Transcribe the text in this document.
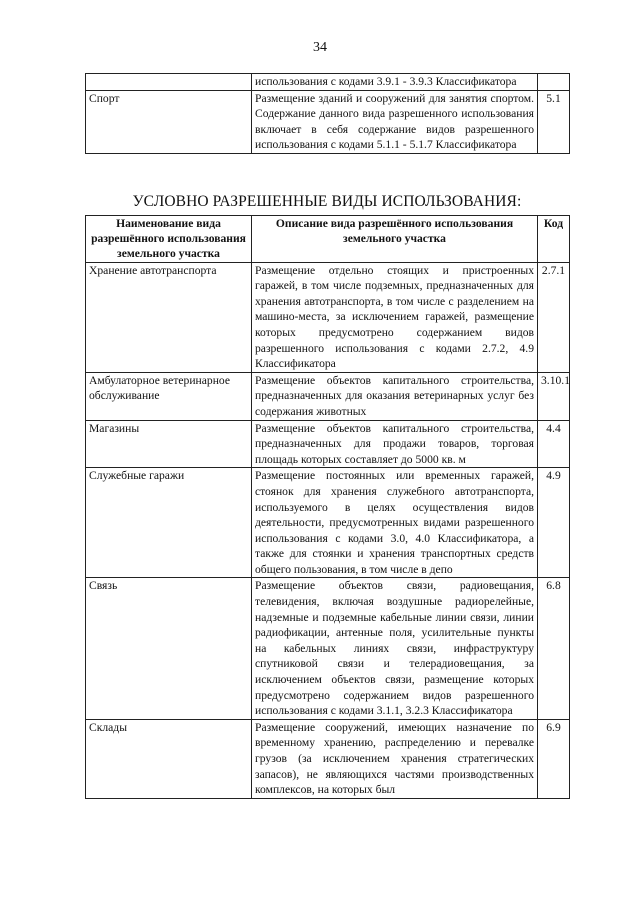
34
	использования с кодами 3.9.1 - 3.9.3 Классификатора	
Спорт	Размещение зданий и сооружений для занятия спортом. Содержание данного вида разрешенного использования включает в себя содержание видов разрешенного использования с кодами 5.1.1 - 5.1.7 Классификатора	5.1
УСЛОВНО РАЗРЕШЕННЫЕ ВИДЫ ИСПОЛЬЗОВАНИЯ:
Наименование вида разрешённого использования земельного участка	Описание вида разрешённого использования земельного участка	Код
Хранение автотранспорта	Размещение отдельно стоящих и пристроенных гаражей, в том числе подземных, предназначенных для хранения автотранспорта, в том числе с разделением на машино-места, за исключением гаражей, размещение которых предусмотрено содержанием видов разрешенного использования с кодами 2.7.2, 4.9 Классификатора	2.7.1
Амбулаторное ветеринарное обслуживание	Размещение объектов капитального строительства, предназначенных для оказания ветеринарных услуг без содержания животных	3.10.1
Магазины	Размещение объектов капитального строительства, предназначенных для продажи товаров, торговая площадь которых составляет до 5000 кв. м	4.4
Служебные гаражи	Размещение постоянных или временных гаражей, стоянок для хранения служебного автотранспорта, используемого в целях осуществления видов деятельности, предусмотренных видами разрешенного использования с кодами 3.0, 4.0 Классификатора, а также для стоянки и хранения транспортных средств общего пользования, в том числе в депо	4.9
Связь	Размещение объектов связи, радиовещания, телевидения, включая воздушные радиорелейные, надземные и подземные кабельные линии связи, линии радиофикации, антенные поля, усилительные пункты на кабельных линиях связи, инфраструктуру спутниковой связи и телерадиовещания, за исключением объектов связи, размещение которых предусмотрено содержанием видов разрешенного использования с кодами 3.1.1, 3.2.3 Классификатора	6.8
Склады	Размещение сооружений, имеющих назначение по временному хранению, распределению и перевалке грузов (за исключением хранения стратегических запасов), не являющихся частями производственных комплексов, на которых был	6.9
